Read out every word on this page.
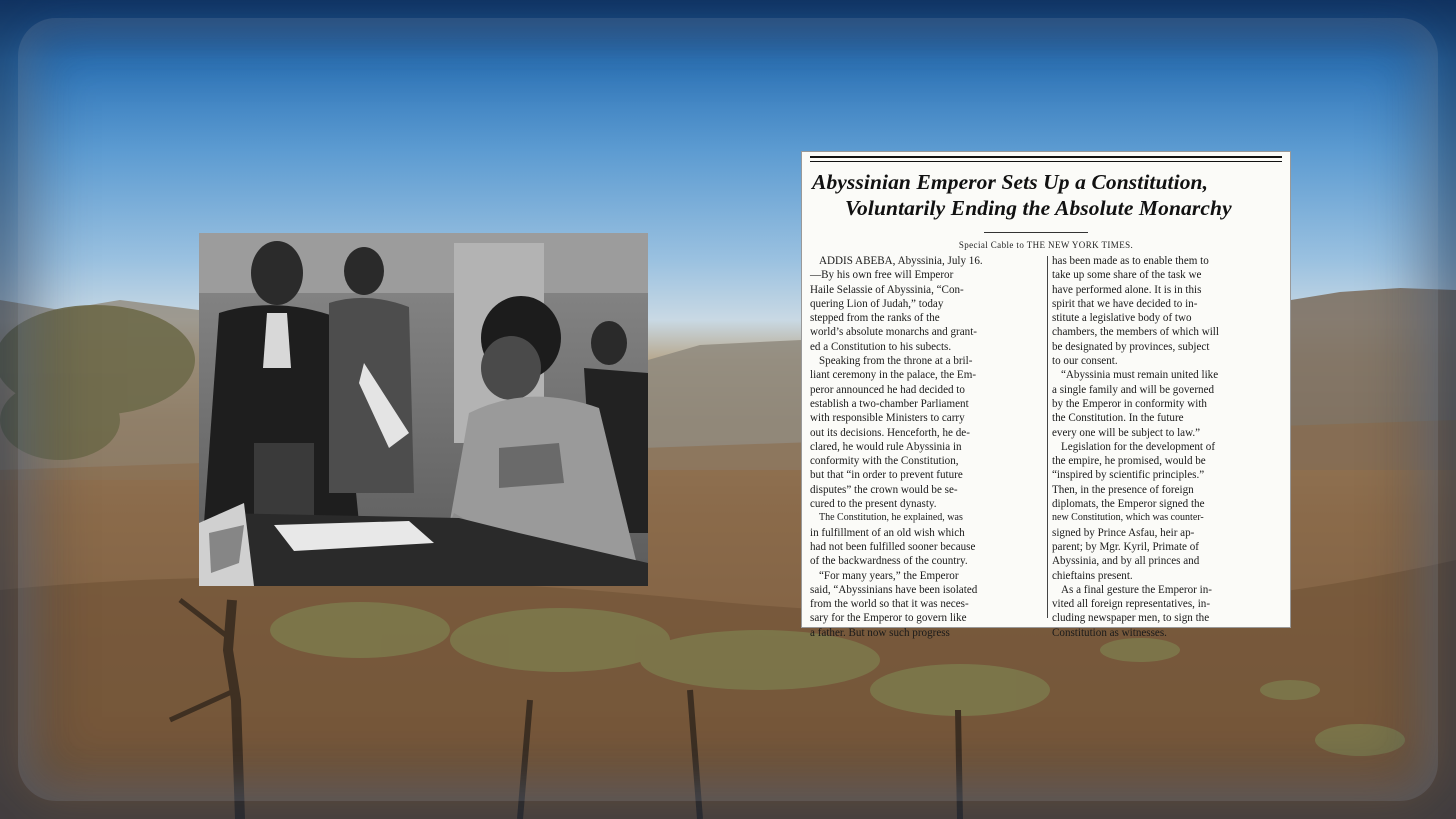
Abyssinian Emperor Sets Up a Constitution,
Voluntarily Ending the Absolute Monarchy
Special Cable to THE NEW YORK TIMES.
ADDIS ABEBA, Abyssinia, July 16.
—By his own free will Emperor
Haile Selassie of Abyssinia, “Con-
quering Lion of Judah,” today
stepped from the ranks of the
world’s absolute monarchs and grant-
ed a Constitution to his subects.
Speaking from the throne at a bril-
liant ceremony in the palace, the Em-
peror announced he had decided to
establish a two-chamber Parliament
with responsible Ministers to carry
out its decisions. Henceforth, he de-
clared, he would rule Abyssinia in
conformity with the Constitution,
but that “in order to prevent future
disputes” the crown would be se-
cured to the present dynasty.
The Constitution, he explained, was
in fulfillment of an old wish which
had not been fulfilled sooner because
of the backwardness of the country.
“For many years,” the Emperor
said, “Abyssinians have been isolated
from the world so that it was neces-
sary for the Emperor to govern like
a father. But now such progress
has been made as to enable them to
take up some share of the task we
have performed alone. It is in this
spirit that we have decided to in-
stitute a legislative body of two
chambers, the members of which will
be designated by provinces, subject
to our consent.
“Abyssinia must remain united like
a single family and will be governed
by the Emperor in conformity with
the Constitution. In the future
every one will be subject to law.”
Legislation for the development of
the empire, he promised, would be
“inspired by scientific principles.”
Then, in the presence of foreign
diplomats, the Emperor signed the
new Constitution, which was counter-
signed by Prince Asfau, heir ap-
parent; by Mgr. Kyril, Primate of
Abyssinia, and by all princes and
chieftains present.
As a final gesture the Emperor in-
vited all foreign representatives, in-
cluding newspaper men, to sign the
Constitution as witnesses.
